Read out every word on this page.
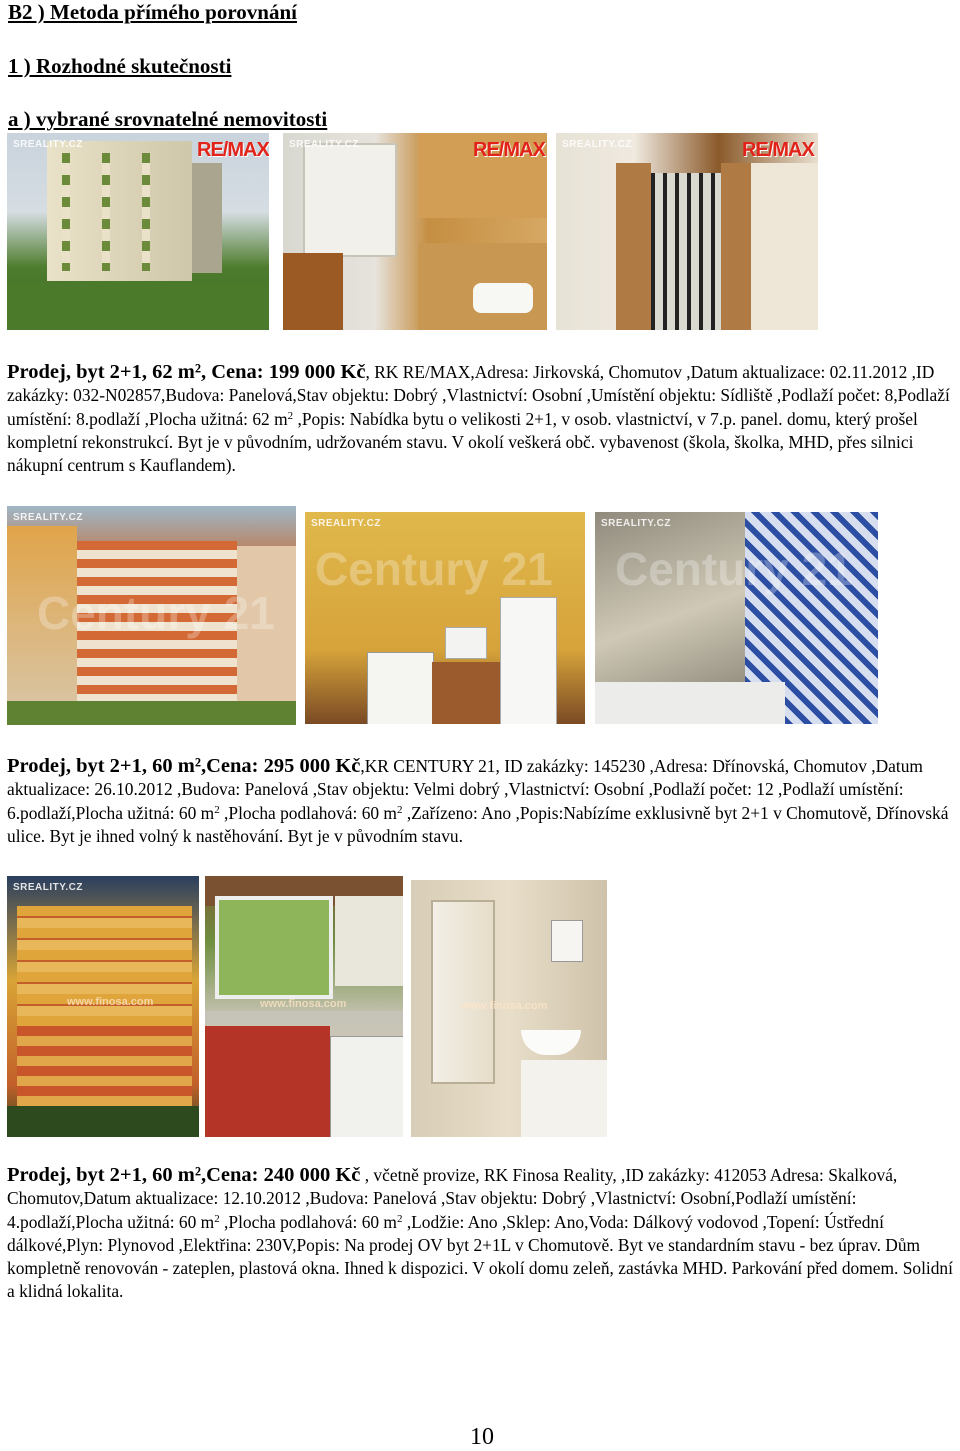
B2 ) Metoda přímého porovnání
1 ) Rozhodné skutečnosti
a ) vybrané srovnatelné nemovitosti
SREALITY.CZ	RE/MAX SREALITY.CZ	RE/MAX SREALITY.CZ	RE/MAX
Prodej, byt 2+1, 62 m², Cena: 199 000 Kč, RK RE/MAX,Adresa: Jirkovská, Chomutov ,Datum aktualizace: 02.11.2012 ,ID zakázky: 032-N02857,Budova: Panelová,Stav objektu: Dobrý ,Vlastnictví: Osobní ,Umístění objektu: Sídliště ,Podlaží počet: 8,Podlaží umístění: 8.podlaží ,Plocha užitná: 62 $m^2$ ,Popis: Nabídka bytu o velikosti 2+1, v osob. vlastnictví, v 7.p. panel. domu, který prošel kompletní rekonstrukcí. Byt je v původním, udržovaném stavu. V okolí veškerá obč. vybavenost (škola, školka, MHD, přes silnici nákupní centrum s Kauflandem).
Century 21
SREALITY.CZ
Century 21
SREALITY.CZ
Century 21
SREALITY.CZ
Prodej, byt 2+1, 60 m²,Cena: 295 000 Kč,KR CENTURY 21, ID zakázky: 145230 ,Adresa: Dřínovská, Chomutov ,Datum aktualizace: 26.10.2012 ,Budova: Panelová ,Stav objektu: Velmi dobrý ,Vlastnictví: Osobní ,Podlaží počet: 12 ,Podlaží umístění: 6.podlaží,Plocha užitná: 60 $m^2$ ,Plocha podlahová: 60 $m^2$ ,Zařízeno: Ano ,Popis:Nabízíme exklusivně byt 2+1 v Chomutově, Dřínovská ulice. Byt je ihned volný k nastěhování. Byt je v původním stavu.
SREALITY.CZ
www.finosa.com	www.finosa.com	www.finosa.com
Prodej, byt 2+1, 60 m²,Cena: 240 000 Kč , včetně provize, RK Finosa Reality, ,ID zakázky: 412053 Adresa: Skalková, Chomutov,Datum aktualizace: 12.10.2012 ,Budova: Panelová ,Stav objektu: Dobrý ,Vlastnictví: Osobní,Podlaží umístění: 4.podlaží,Plocha užitná: 60 $m^2$ ,Plocha podlahová: 60 $m^2$ ,Lodžie: Ano ,Sklep: Ano,Voda: Dálkový vodovod ,Topení: Ústřední dálkové,Plyn: Plynovod ,Elektřina: 230V,Popis: Na prodej OV byt 2+1L v Chomutově. Byt ve standardním stavu - bez úprav. Dům kompletně renovován - zateplen, plastová okna. Ihned k dispozici. V okolí domu zeleň, zastávka MHD. Parkování před domem. Solidní a klidná lokalita.
10
